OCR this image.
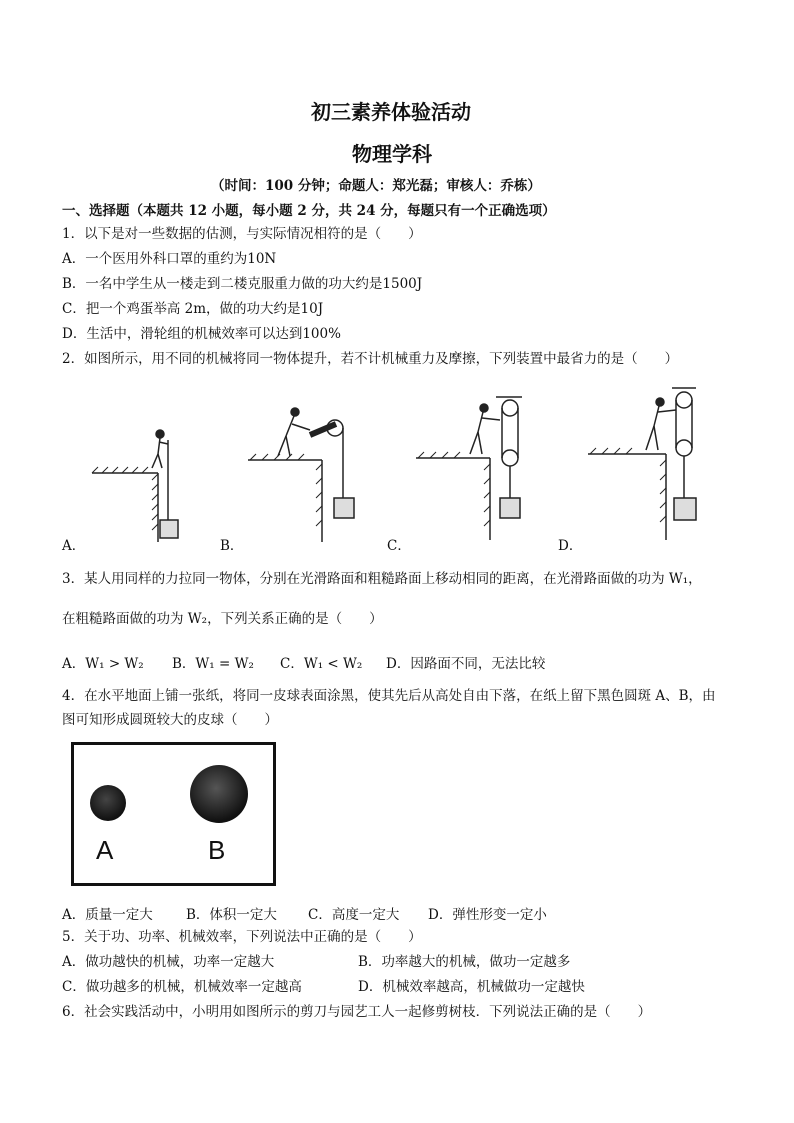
初三素养体验活动
物理学科
（时间：100 分钟；命题人：郑光磊；审核人：乔栋）
一、选择题（本题共 12 小题，每小题 2 分，共 24 分，每题只有一个正确选项）
1．以下是对一些数据的估测，与实际情况相符的是（　　）
A．一个医用外科口罩的重约为10N
B．一名中学生从一楼走到二楼克服重力做的功大约是1500J
C．把一个鸡蛋举高 2m，做的功大约是10J
D．生活中，滑轮组的机械效率可以达到100%
2．如图所示，用不同的机械将同一物体提升，若不计机械重力及摩擦，下列装置中最省力的是（　　）
A．	B．	C．	D．
3．某人用同样的力拉同一物体，分别在光滑路面和粗糙路面上移动相同的距离，在光滑路面做的功为 W₁，
在粗糙路面做的功为 W₂，下列关系正确的是（　　）
A．W₁ > W₂ B．W₁ = W₂ C．W₁ < W₂ D．因路面不同，无法比较
4．在水平地面上铺一张纸，将同一皮球表面涂黑，使其先后从高处自由下落，在纸上留下黑色圆斑 A、B，由
图可知形成圆斑较大的皮球（　　）
A	B
A．质量一定大 B．体积一定大 C．高度一定大 D．弹性形变一定小
5．关于功、功率、机械效率，下列说法中正确的是（　　）
A．做功越快的机械，功率一定越大	B．功率越大的机械，做功一定越多
C．做功越多的机械，机械效率一定越高	D．机械效率越高，机械做功一定越快
6．社会实践活动中，小明用如图所示的剪刀与园艺工人一起修剪树枝．下列说法正确的是（　　）
